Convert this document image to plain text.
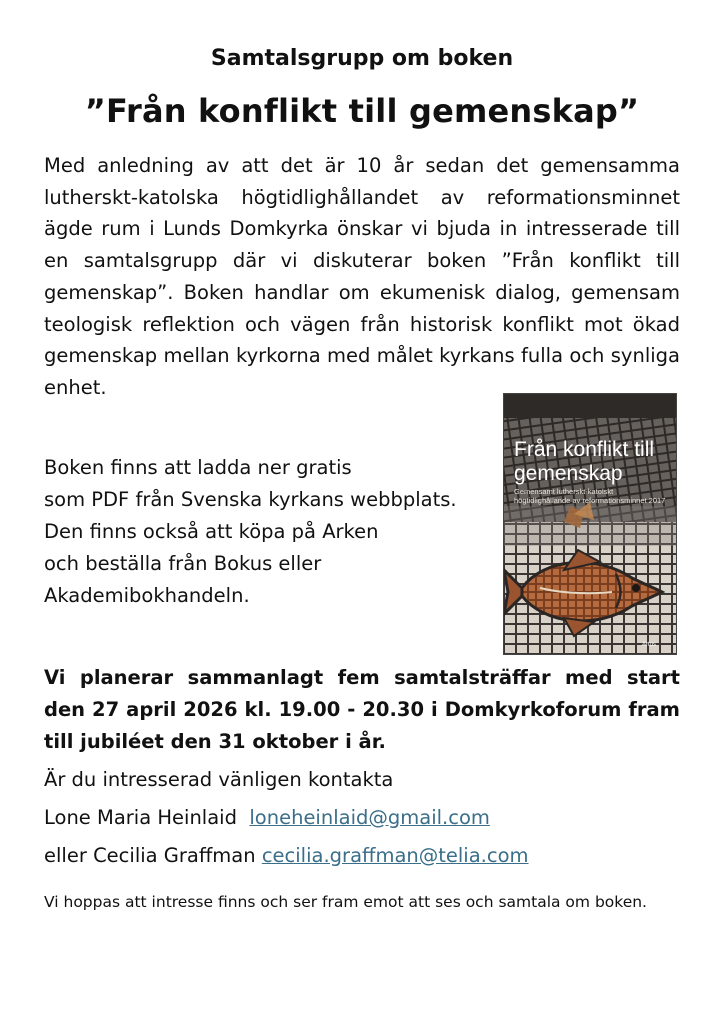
Samtalsgrupp om boken
”Från konflikt till gemenskap”

Med anledning av att det är 10 år sedan det gemensamma lutherskt-katolska högtidlighållandet av reformationsminnet ägde rum i Lunds Domkyrka önskar vi bjuda in intresserade till en samtalsgrupp där vi diskuterar boken ”Från konflikt till gemenskap”. Boken handlar om ekumenisk dialog, gemensam teologisk reflektion och vägen från historisk konflikt mot ökad gemenskap mellan kyrkorna med målet kyrkans fulla och synliga enhet.

Boken finns att ladda ner gratis
som PDF från Svenska kyrkans webbplats.
Den finns också att köpa på Arken
och beställa från Bokus eller
Akademibokhandeln.
Från konflikt till
gemenskap
Gemensamt lutherskt-katolskt
högtidlighållande av reformationsminnet 2017
Artos

Vi planerar sammanlagt fem samtalsträffar med start den 27 april 2026 kl. 19.00 - 20.30 i Domkyrkoforum fram till jubiléet den 31 oktober i år.

Är du intresserad vänligen kontakta

Lone Maria Heinlaid loneheinlaid@gmail.com

eller Cecilia Graffman cecilia.graffman@telia.com

Vi hoppas att intresse finns och ser fram emot att ses och samtala om boken.
